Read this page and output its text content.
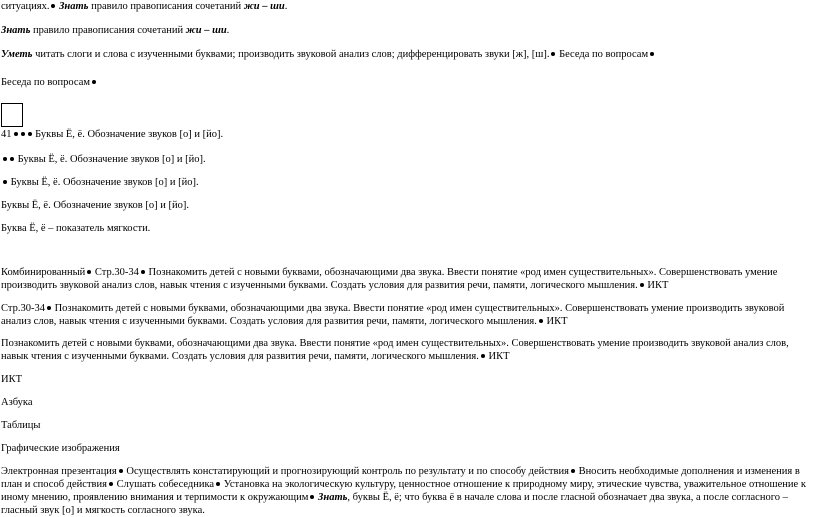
ситуациях. Знать правило правописания сочетаний жи – ши.
Знать правило правописания сочетаний жи – ши.
Уметь читать слоги и слова с изученными буквами; производить звуковой анализ слов; дифференцировать звуки [ж], [ш]. Беседа по вопросам
Беседа по вопросам
41 Буквы Ё, ё. Обозначение звуков [о] и [йо].
Буквы Ё, ё. Обозначение звуков [о] и [йо].
Буквы Ё, ё. Обозначение звуков [о] и [йо].
Буквы Ё, ё. Обозначение звуков [о] и [йо].
Буква Ё, ё – показатель мягкости.
Комбинированный Стр.30-34 Познакомить детей с новыми буквами, обозначающими два звука. Ввести понятие «род имен существительных». Совершенствовать умение производить звуковой анализ слов, навык чтения с изученными буквами. Создать условия для развития речи, памяти, логического мышления. ИКТ
Стр.30-34 Познакомить детей с новыми буквами, обозначающими два звука. Ввести понятие «род имен существительных». Совершенствовать умение производить звуковой анализ слов, навык чтения с изученными буквами. Создать условия для развития речи, памяти, логического мышления. ИКТ
Познакомить детей с новыми буквами, обозначающими два звука. Ввести понятие «род имен существительных». Совершенствовать умение производить звуковой анализ слов, навык чтения с изученными буквами. Создать условия для развития речи, памяти, логического мышления. ИКТ
ИКТ
Азбука
Таблицы
Графические изображения
Электронная презентация Осуществлять констатирующий и прогнозирующий контроль по результату и по способу действия Вносить необходимые дополнения и изменения в план и способ действия Слушать собеседника Установка на экологическую культуру, ценностное отношение к природному миру, этические чувства, уважительное отношение к иному мнению, проявлению внимания и терпимости к окружающим Знать, буквы Ё, ё; что буква ё в начале слова и после гласной обозначает два звука, а после согласного – гласный звук [о] и мягкость согласного звука.
